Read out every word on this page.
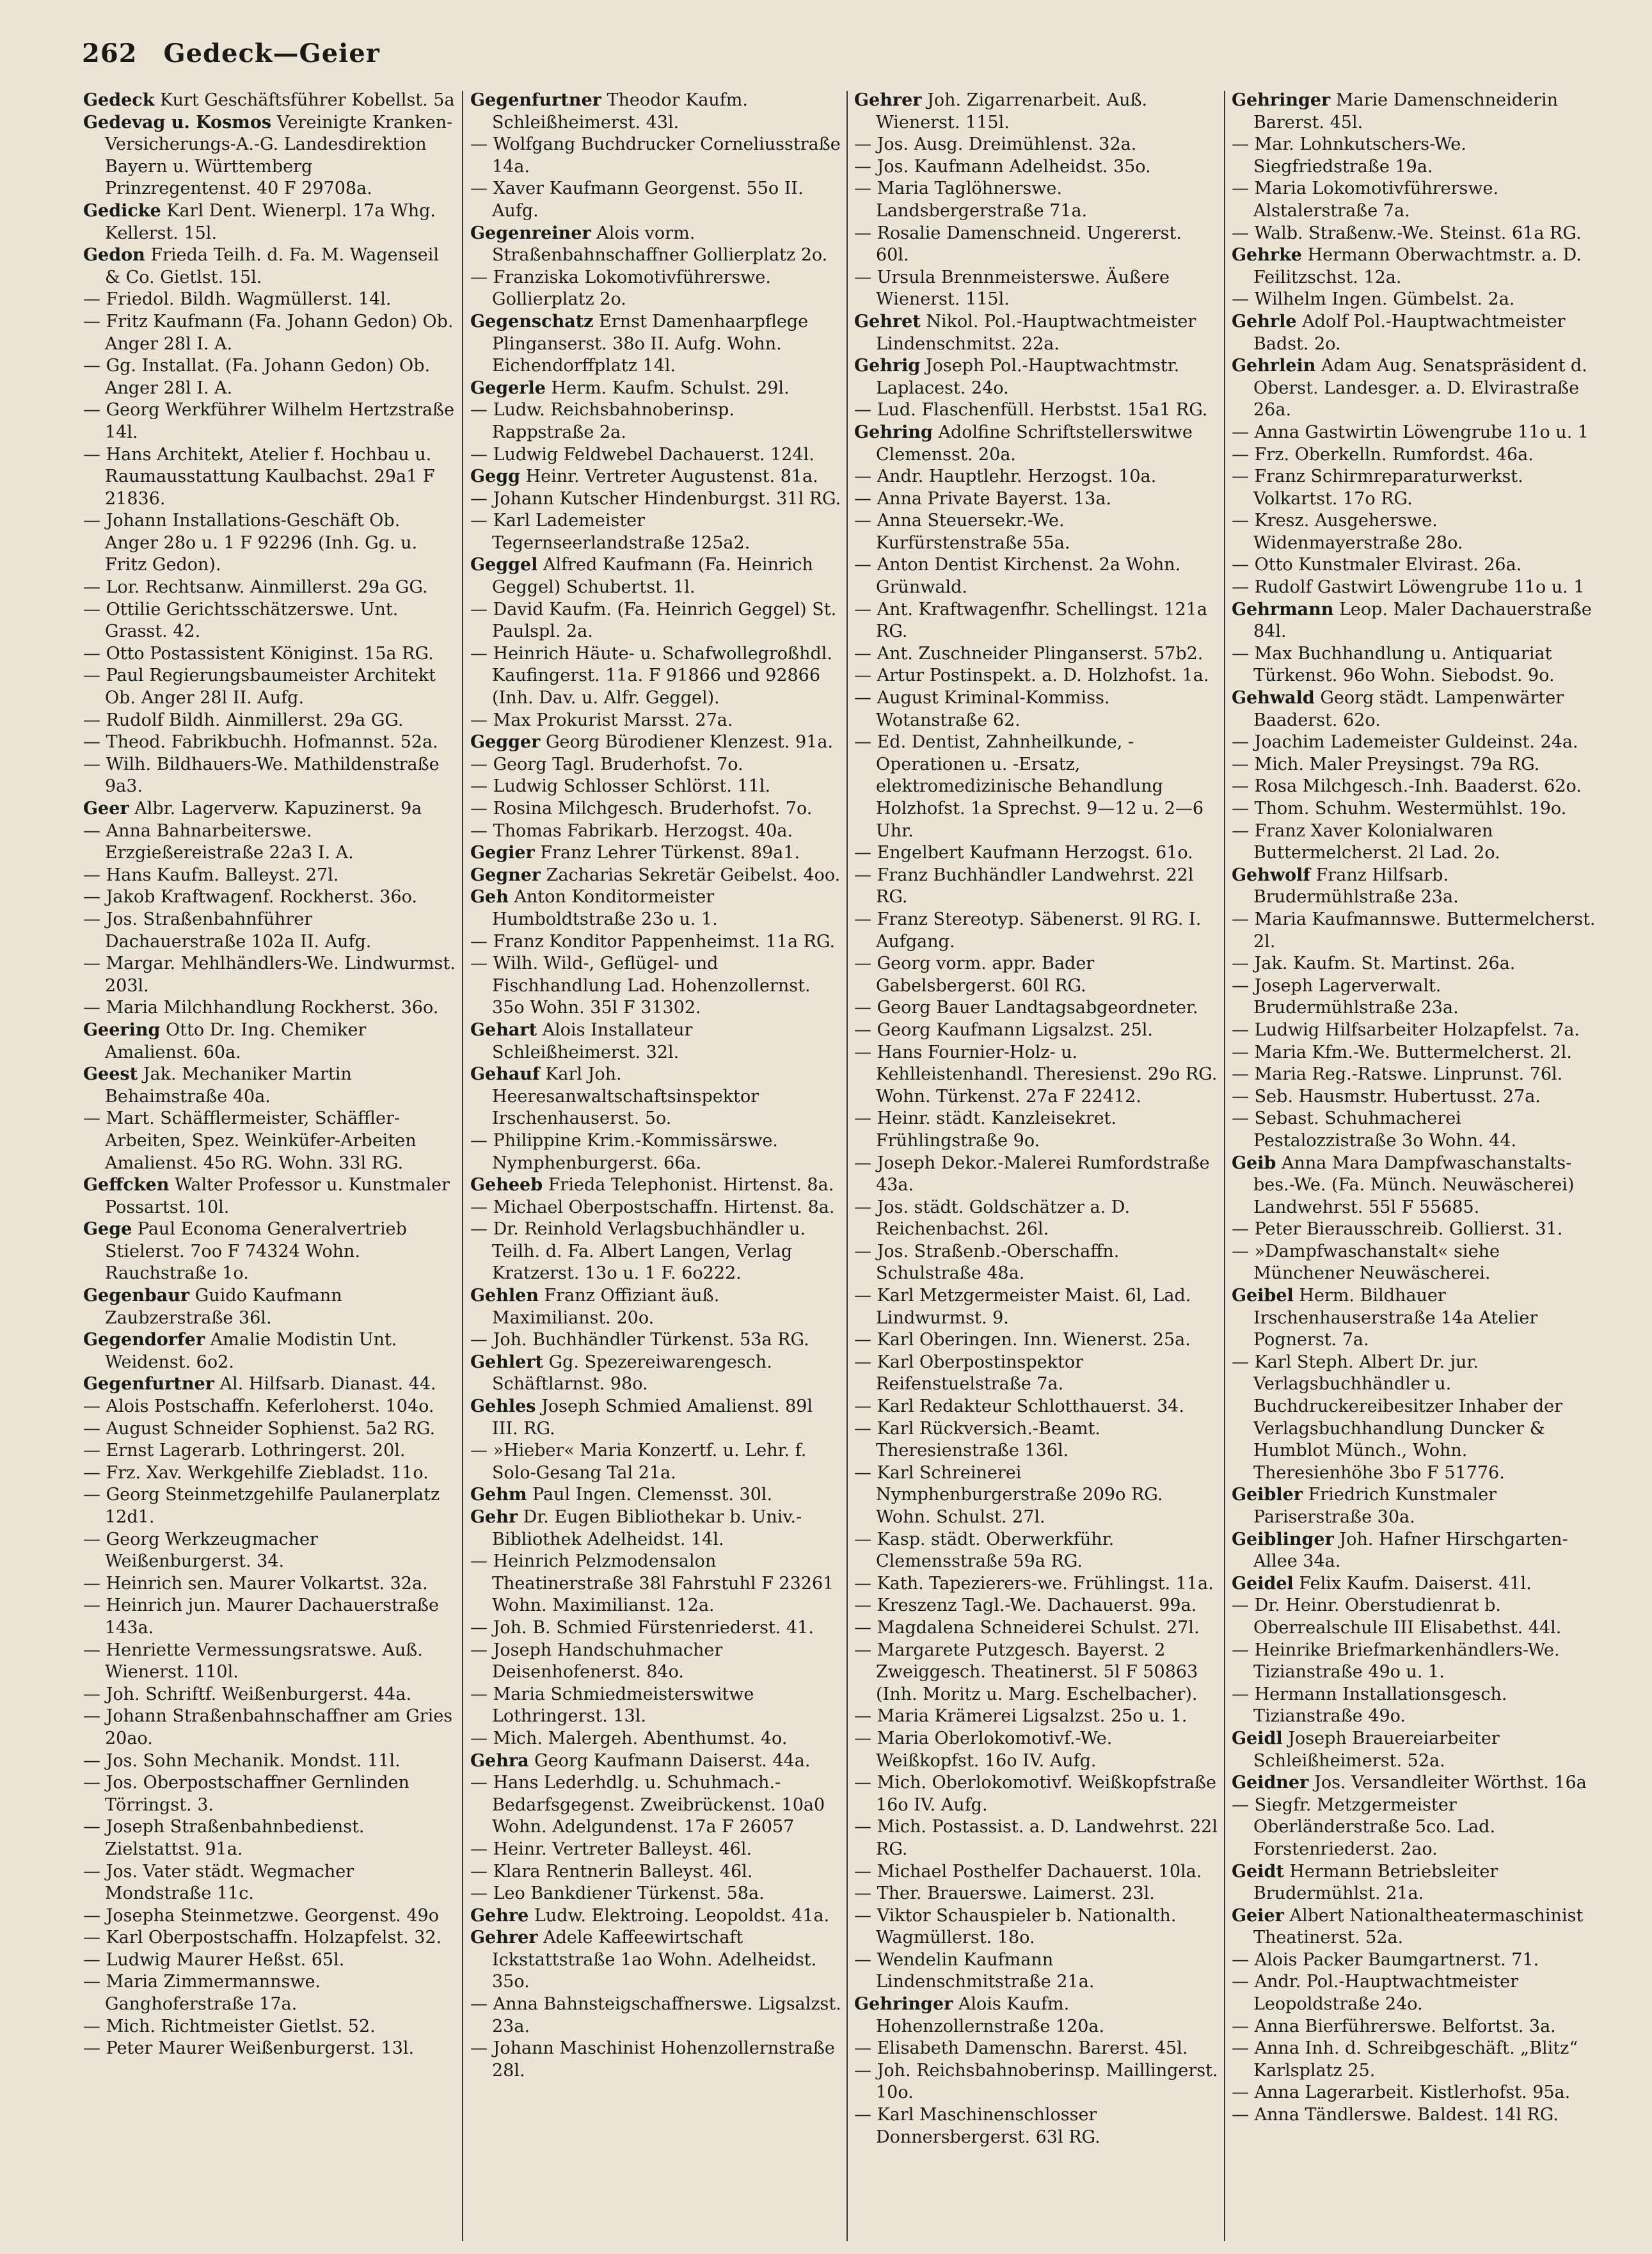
262 Gedeck—Geier

Gedeck Kurt Geschäftsführer Kobellst. 5a

Gedevag u. Kosmos Vereinigte Kranken-Versicherungs-A.-G. Landesdirektion Bayern u. Württemberg Prinzregentenst. 40 F 29708a.

Gedicke Karl Dent. Wienerpl. 17a Whg. Kellerst. 15l.

Gedon Frieda Teilh. d. Fa. M. Wagenseil & Co. Gietlst. 15l.

— Friedol. Bildh. Wagmüllerst. 14l.

— Fritz Kaufmann (Fa. Johann Gedon) Ob. Anger 28l I. A.

— Gg. Installat. (Fa. Johann Gedon) Ob. Anger 28l I. A.

— Georg Werkführer Wilhelm Hertzstraße 14l.

— Hans Architekt, Atelier f. Hochbau u. Raumausstattung Kaulbachst. 29a1 F 21836.

— Johann Installations-Geschäft Ob. Anger 28o u. 1 F 92296 (Inh. Gg. u. Fritz Gedon).

— Lor. Rechtsanw. Ainmillerst. 29a GG.

— Ottilie Gerichtsschätzerswe. Unt. Grasst. 42.

— Otto Postassistent Königinst. 15a RG.

— Paul Regierungsbaumeister Architekt Ob. Anger 28l II. Aufg.

— Rudolf Bildh. Ainmillerst. 29a GG.

— Theod. Fabrikbuchh. Hofmannst. 52a.

— Wilh. Bildhauers-We. Mathildenstraße 9a3.

Geer Albr. Lagerverw. Kapuzinerst. 9a

— Anna Bahnarbeiterswe. Erzgießereistraße 22a3 I. A.

— Hans Kaufm. Balleyst. 27l.

— Jakob Kraftwagenf. Rockherst. 36o.

— Jos. Straßenbahnführer Dachauerstraße 102a II. Aufg.

— Margar. Mehlhändlers-We. Lindwurmst. 203l.

— Maria Milchhandlung Rockherst. 36o.

Geering Otto Dr. Ing. Chemiker Amalienst. 60a.

Geest Jak. Mechaniker Martin Behaimstraße 40a.

— Mart. Schäfflermeister, Schäffler-Arbeiten, Spez. Weinküfer-Arbeiten Amalienst. 45o RG. Wohn. 33l RG.

Geffcken Walter Professor u. Kunstmaler Possartst. 10l.

Gege Paul Economa Generalvertrieb Stielerst. 7oo F 74324 Wohn. Rauchstraße 1o.

Gegenbaur Guido Kaufmann Zaubzerstraße 36l.

Gegendorfer Amalie Modistin Unt. Weidenst. 6o2.

Gegenfurtner Al. Hilfsarb. Dianast. 44.

— Alois Postschaffn. Keferloherst. 104o.

— August Schneider Sophienst. 5a2 RG.

— Ernst Lagerarb. Lothringerst. 20l.

— Frz. Xav. Werkgehilfe Ziebladst. 11o.

— Georg Steinmetzgehilfe Paulanerplatz 12d1.

— Georg Werkzeugmacher Weißenburgerst. 34.

— Heinrich sen. Maurer Volkartst. 32a.

— Heinrich jun. Maurer Dachauerstraße 143a.

— Henriette Vermessungsratswe. Auß. Wienerst. 110l.

— Joh. Schriftf. Weißenburgerst. 44a.

— Johann Straßenbahnschaffner am Gries 20ao.

— Jos. Sohn Mechanik. Mondst. 11l.

— Jos. Oberpostschaffner Gernlinden Törringst. 3.

— Joseph Straßenbahnbedienst. Zielstattst. 91a.

— Jos. Vater städt. Wegmacher Mondstraße 11c.

— Josepha Steinmetzwe. Georgenst. 49o

— Karl Oberpostschaffn. Holzapfelst. 32.

— Ludwig Maurer Heßst. 65l.

— Maria Zimmermannswe. Ganghoferstraße 17a.

— Mich. Richtmeister Gietlst. 52.

— Peter Maurer Weißenburgerst. 13l.

Gegenfurtner Theodor Kaufm. Schleißheimerst. 43l.

— Wolfgang Buchdrucker Corneliusstraße 14a.

— Xaver Kaufmann Georgenst. 55o II. Aufg.

Gegenreiner Alois vorm. Straßenbahnschaffner Gollierplatz 2o.

— Franziska Lokomotivführerswe. Gollierplatz 2o.

Gegenschatz Ernst Damenhaarpflege Plinganserst. 38o II. Aufg. Wohn. Eichendorffplatz 14l.

Gegerle Herm. Kaufm. Schulst. 29l.

— Ludw. Reichsbahnoberinsp. Rappstraße 2a.

— Ludwig Feldwebel Dachauerst. 124l.

Gegg Heinr. Vertreter Augustenst. 81a.

— Johann Kutscher Hindenburgst. 31l RG.

— Karl Lademeister Tegernseerlandstraße 125a2.

Geggel Alfred Kaufmann (Fa. Heinrich Geggel) Schubertst. 1l.

— David Kaufm. (Fa. Heinrich Geggel) St. Paulspl. 2a.

— Heinrich Häute- u. Schafwollegroßhdl. Kaufingerst. 11a. F 91866 und 92866 (Inh. Dav. u. Alfr. Geggel).

— Max Prokurist Marsst. 27a.

Gegger Georg Bürodiener Klenzest. 91a.

— Georg Tagl. Bruderhofst. 7o.

— Ludwig Schlosser Schlörst. 11l.

— Rosina Milchgesch. Bruderhofst. 7o.

— Thomas Fabrikarb. Herzogst. 40a.

Gegier Franz Lehrer Türkenst. 89a1.

Gegner Zacharias Sekretär Geibelst. 4oo.

Geh Anton Konditormeister Humboldtstraße 23o u. 1.

— Franz Konditor Pappenheimst. 11a RG.

— Wilh. Wild-, Geflügel- und Fischhandlung Lad. Hohenzollernst. 35o Wohn. 35l F 31302.

Gehart Alois Installateur Schleißheimerst. 32l.

Gehauf Karl Joh. Heeresanwaltschaftsinspektor Irschenhauserst. 5o.

— Philippine Krim.-Kommissärswe. Nymphenburgerst. 66a.

Geheeb Frieda Telephonist. Hirtenst. 8a.

— Michael Oberpostschaffn. Hirtenst. 8a.

— Dr. Reinhold Verlagsbuchhändler u. Teilh. d. Fa. Albert Langen, Verlag Kratzerst. 13o u. 1 F. 6o222.

Gehlen Franz Offiziant äuß. Maximilianst. 20o.

— Joh. Buchhändler Türkenst. 53a RG.

Gehlert Gg. Spezereiwarengesch. Schäftlarnst. 98o.

Gehles Joseph Schmied Amalienst. 89l III. RG.

— »Hieber« Maria Konzertf. u. Lehr. f. Solo-Gesang Tal 21a.

Gehm Paul Ingen. Clemensst. 30l.

Gehr Dr. Eugen Bibliothekar b. Univ.-Bibliothek Adelheidst. 14l.

— Heinrich Pelzmodensalon Theatinerstraße 38l Fahrstuhl F 23261 Wohn. Maximilianst. 12a.

— Joh. B. Schmied Fürstenriederst. 41.

— Joseph Handschuhmacher Deisenhofenerst. 84o.

— Maria Schmiedmeisterswitwe Lothringerst. 13l.

— Mich. Malergeh. Abenthumst. 4o.

Gehra Georg Kaufmann Daiserst. 44a.

— Hans Lederhdlg. u. Schuhmach.-Bedarfsgegenst. Zweibrückenst. 10a0 Wohn. Adelgundenst. 17a F 26057

— Heinr. Vertreter Balleyst. 46l.

— Klara Rentnerin Balleyst. 46l.

— Leo Bankdiener Türkenst. 58a.

Gehre Ludw. Elektroing. Leopoldst. 41a.

Gehrer Adele Kaffeewirtschaft Ickstattstraße 1ao Wohn. Adelheidst. 35o.

— Anna Bahnsteigschaffnerswe. Ligsalzst. 23a.

— Johann Maschinist Hohenzollernstraße 28l.

Gehrer Joh. Zigarrenarbeit. Auß. Wienerst. 115l.

— Jos. Ausg. Dreimühlenst. 32a.

— Jos. Kaufmann Adelheidst. 35o.

— Maria Taglöhnerswe. Landsbergerstraße 71a.

— Rosalie Damenschneid. Ungererst. 60l.

— Ursula Brennmeisterswe. Äußere Wienerst. 115l.

Gehret Nikol. Pol.-Hauptwachtmeister Lindenschmitst. 22a.

Gehrig Joseph Pol.-Hauptwachtmstr. Laplacest. 24o.

— Lud. Flaschenfüll. Herbstst. 15a1 RG.

Gehring Adolfine Schriftstellerswitwe Clemensst. 20a.

— Andr. Hauptlehr. Herzogst. 10a.

— Anna Private Bayerst. 13a.

— Anna Steuersekr.-We. Kurfürstenstraße 55a.

— Anton Dentist Kirchenst. 2a Wohn. Grünwald.

— Ant. Kraftwagenfhr. Schellingst. 121a RG.

— Ant. Zuschneider Plinganserst. 57b2.

— Artur Postinspekt. a. D. Holzhofst. 1a.

— August Kriminal-Kommiss. Wotanstraße 62.

— Ed. Dentist, Zahnheilkunde, -Operationen u. -Ersatz, elektromedizinische Behandlung Holzhofst. 1a Sprechst. 9—12 u. 2—6 Uhr.

— Engelbert Kaufmann Herzogst. 61o.

— Franz Buchhändler Landwehrst. 22l RG.

— Franz Stereotyp. Säbenerst. 9l RG. I. Aufgang.

— Georg vorm. appr. Bader Gabelsbergerst. 60l RG.

— Georg Bauer Landtagsabgeordneter.

— Georg Kaufmann Ligsalzst. 25l.

— Hans Fournier-Holz- u. Kehlleistenhandl. Theresienst. 29o RG. Wohn. Türkenst. 27a F 22412.

— Heinr. städt. Kanzleisekret. Frühlingstraße 9o.

— Joseph Dekor.-Malerei Rumfordstraße 43a.

— Jos. städt. Goldschätzer a. D. Reichenbachst. 26l.

— Jos. Straßenb.-Oberschaffn. Schulstraße 48a.

— Karl Metzgermeister Maist. 6l, Lad. Lindwurmst. 9.

— Karl Oberingen. Inn. Wienerst. 25a.

— Karl Oberpostinspektor Reifenstuelstraße 7a.

— Karl Redakteur Schlotthauerst. 34.

— Karl Rückversich.-Beamt. Theresienstraße 136l.

— Karl Schreinerei Nymphenburgerstraße 209o RG. Wohn. Schulst. 27l.

— Kasp. städt. Oberwerkführ. Clemensstraße 59a RG.

— Kath. Tapezierers-we. Frühlingst. 11a.

— Kreszenz Tagl.-We. Dachauerst. 99a.

— Magdalena Schneiderei Schulst. 27l.

— Margarete Putzgesch. Bayerst. 2 Zweiggesch. Theatinerst. 5l F 50863 (Inh. Moritz u. Marg. Eschelbacher).

— Maria Krämerei Ligsalzst. 25o u. 1.

— Maria Oberlokomotivf.-We. Weißkopfst. 16o IV. Aufg.

— Mich. Oberlokomotivf. Weißkopfstraße 16o IV. Aufg.

— Mich. Postassist. a. D. Landwehrst. 22l RG.

— Michael Posthelfer Dachauerst. 10la.

— Ther. Brauerswe. Laimerst. 23l.

— Viktor Schauspieler b. Nationalth. Wagmüllerst. 18o.

— Wendelin Kaufmann Lindenschmitstraße 21a.

Gehringer Alois Kaufm. Hohenzollernstraße 120a.

— Elisabeth Damenschn. Barerst. 45l.

— Joh. Reichsbahnoberinsp. Maillingerst. 10o.

— Karl Maschinenschlosser Donnersbergerst. 63l RG.

Gehringer Marie Damenschneiderin Barerst. 45l.

— Mar. Lohnkutschers-We. Siegfriedstraße 19a.

— Maria Lokomotivführerswe. Alstalerstraße 7a.

— Walb. Straßenw.-We. Steinst. 61a RG.

Gehrke Hermann Oberwachtmstr. a. D. Feilitzschst. 12a.

— Wilhelm Ingen. Gümbelst. 2a.

Gehrle Adolf Pol.-Hauptwachtmeister Badst. 2o.

Gehrlein Adam Aug. Senatspräsident d. Oberst. Landesger. a. D. Elvirastraße 26a.

— Anna Gastwirtin Löwengrube 11o u. 1

— Frz. Oberkelln. Rumfordst. 46a.

— Franz Schirmreparaturwerkst. Volkartst. 17o RG.

— Kresz. Ausgeherswe. Widenmayerstraße 28o.

— Otto Kunstmaler Elvirast. 26a.

— Rudolf Gastwirt Löwengrube 11o u. 1

Gehrmann Leop. Maler Dachauerstraße 84l.

— Max Buchhandlung u. Antiquariat Türkenst. 96o Wohn. Siebodst. 9o.

Gehwald Georg städt. Lampenwärter Baaderst. 62o.

— Joachim Lademeister Guldeinst. 24a.

— Mich. Maler Preysingst. 79a RG.

— Rosa Milchgesch.-Inh. Baaderst. 62o.

— Thom. Schuhm. Westermühlst. 19o.

— Franz Xaver Kolonialwaren Buttermelcherst. 2l Lad. 2o.

Gehwolf Franz Hilfsarb. Brudermühlstraße 23a.

— Maria Kaufmannswe. Buttermelcherst. 2l.

— Jak. Kaufm. St. Martinst. 26a.

— Joseph Lagerverwalt. Brudermühlstraße 23a.

— Ludwig Hilfsarbeiter Holzapfelst. 7a.

— Maria Kfm.-We. Buttermelcherst. 2l.

— Maria Reg.-Ratswe. Linprunst. 76l.

— Seb. Hausmstr. Hubertusst. 27a.

— Sebast. Schuhmacherei Pestalozzistraße 3o Wohn. 44.

Geib Anna Mara Dampfwaschanstalts-bes.-We. (Fa. Münch. Neuwäscherei) Landwehrst. 55l F 55685.

— Peter Bierausschreib. Gollierst. 31.

— »Dampfwaschanstalt« siehe Münchener Neuwäscherei.

Geibel Herm. Bildhauer Irschenhauserstraße 14a Atelier Pognerst. 7a.

— Karl Steph. Albert Dr. jur. Verlagsbuchhändler u. Buchdruckereibesitzer Inhaber der Verlagsbuchhandlung Duncker & Humblot Münch., Wohn. Theresienhöhe 3bo F 51776.

Geibler Friedrich Kunstmaler Pariserstraße 30a.

Geiblinger Joh. Hafner Hirschgarten-Allee 34a.

Geidel Felix Kaufm. Daiserst. 41l.

— Dr. Heinr. Oberstudienrat b. Oberrealschule III Elisabethst. 44l.

— Heinrike Briefmarkenhändlers-We. Tizianstraße 49o u. 1.

— Hermann Installationsgesch. Tizianstraße 49o.

Geidl Joseph Brauereiarbeiter Schleißheimerst. 52a.

Geidner Jos. Versandleiter Wörthst. 16a

— Siegfr. Metzgermeister Oberländerstraße 5co. Lad. Forstenriederst. 2ao.

Geidt Hermann Betriebsleiter Brudermühlst. 21a.

Geier Albert Nationaltheatermaschinist Theatinerst. 52a.

— Alois Packer Baumgartnerst. 71.

— Andr. Pol.-Hauptwachtmeister Leopoldstraße 24o.

— Anna Bierführerswe. Belfortst. 3a.

— Anna Inh. d. Schreibgeschäft. „Blitz“ Karlsplatz 25.

— Anna Lagerarbeit. Kistlerhofst. 95a.

— Anna Tändlerswe. Baldest. 14l RG.
